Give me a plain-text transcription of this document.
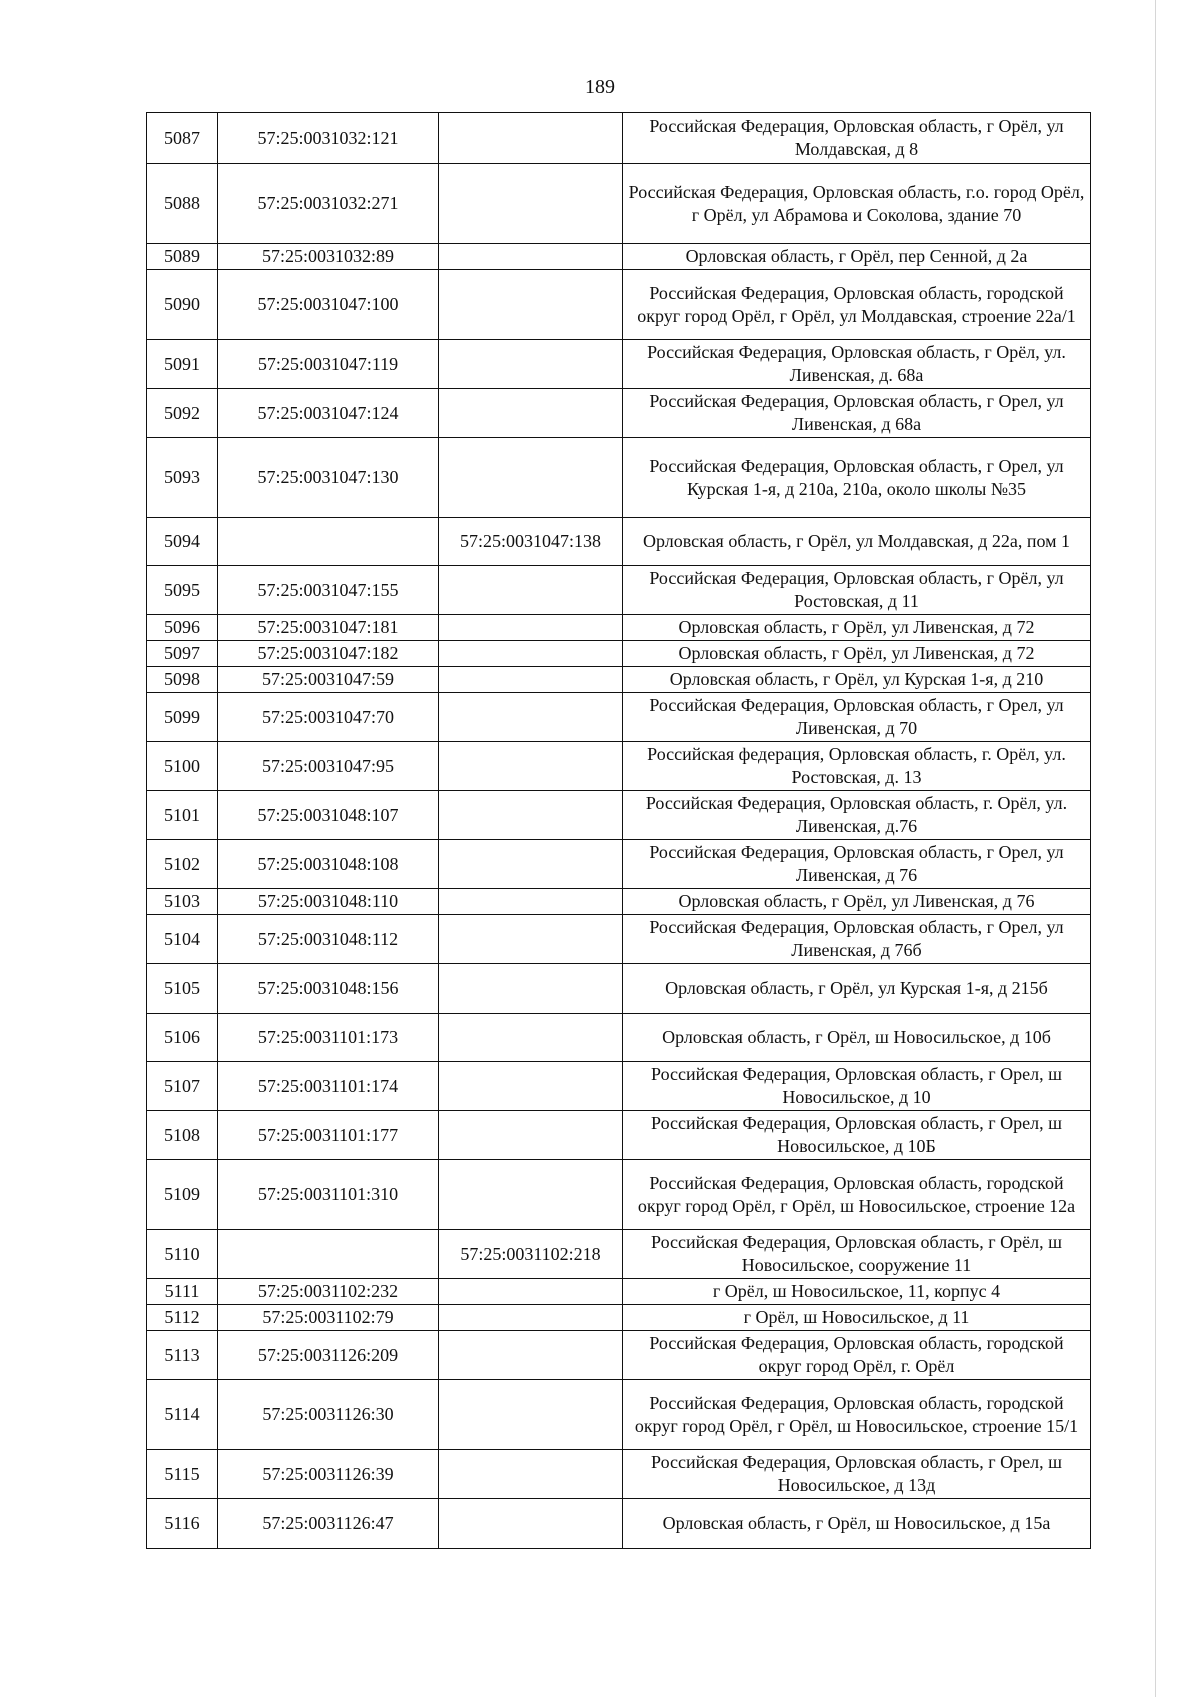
189
5087	57:25:0031032:121		Российская Федерация, Орловская область, г Орёл, ул Молдавская, д 8
5088	57:25:0031032:271		Российская Федерация, Орловская область, г.о. город Орёл, г Орёл, ул Абрамова и Соколова, здание 70
5089	57:25:0031032:89		Орловская область, г Орёл, пер Сенной, д 2а
5090	57:25:0031047:100		Российская Федерация, Орловская область, городской округ город Орёл, г Орёл, ул Молдавская, строение 22а/1
5091	57:25:0031047:119		Российская Федерация, Орловская область, г Орёл, ул. Ливенская, д. 68а
5092	57:25:0031047:124		Российская Федерация, Орловская область, г Орел, ул Ливенская, д 68а
5093	57:25:0031047:130		Российская Федерация, Орловская область, г Орел, ул Курская 1-я, д 210а, 210а, около школы №35
5094		57:25:0031047:138	Орловская область, г Орёл, ул Молдавская, д 22а, пом 1
5095	57:25:0031047:155		Российская Федерация, Орловская область, г Орёл, ул Ростовская, д 11
5096	57:25:0031047:181		Орловская область, г Орёл, ул Ливенская, д 72
5097	57:25:0031047:182		Орловская область, г Орёл, ул Ливенская, д 72
5098	57:25:0031047:59		Орловская область, г Орёл, ул Курская 1-я, д 210
5099	57:25:0031047:70		Российская Федерация, Орловская область, г Орел, ул Ливенская, д 70
5100	57:25:0031047:95		Российская федерация, Орловская область, г. Орёл, ул. Ростовская, д. 13
5101	57:25:0031048:107		Российская Федерация, Орловская область, г. Орёл, ул. Ливенская, д.76
5102	57:25:0031048:108		Российская Федерация, Орловская область, г Орел, ул Ливенская, д 76
5103	57:25:0031048:110		Орловская область, г Орёл, ул Ливенская, д 76
5104	57:25:0031048:112		Российская Федерация, Орловская область, г Орел, ул Ливенская, д 76б
5105	57:25:0031048:156		Орловская область, г Орёл, ул Курская 1-я, д 215б
5106	57:25:0031101:173		Орловская область, г Орёл, ш Новосильское, д 10б
5107	57:25:0031101:174		Российская Федерация, Орловская область, г Орел, ш Новосильское, д 10
5108	57:25:0031101:177		Российская Федерация, Орловская область, г Орел, ш Новосильское, д 10Б
5109	57:25:0031101:310		Российская Федерация, Орловская область, городской округ город Орёл, г Орёл, ш Новосильское, строение 12а
5110		57:25:0031102:218	Российская Федерация, Орловская область, г Орёл, ш Новосильское, сооружение 11
5111	57:25:0031102:232		г Орёл, ш Новосильское, 11, корпус 4
5112	57:25:0031102:79		г Орёл, ш Новосильское, д 11
5113	57:25:0031126:209		Российская Федерация, Орловская область, городской округ город Орёл, г. Орёл
5114	57:25:0031126:30		Российская Федерация, Орловская область, городской округ город Орёл, г Орёл, ш Новосильское, строение 15/1
5115	57:25:0031126:39		Российская Федерация, Орловская область, г Орел, ш Новосильское, д 13д
5116	57:25:0031126:47		Орловская область, г Орёл, ш Новосильское, д 15а
